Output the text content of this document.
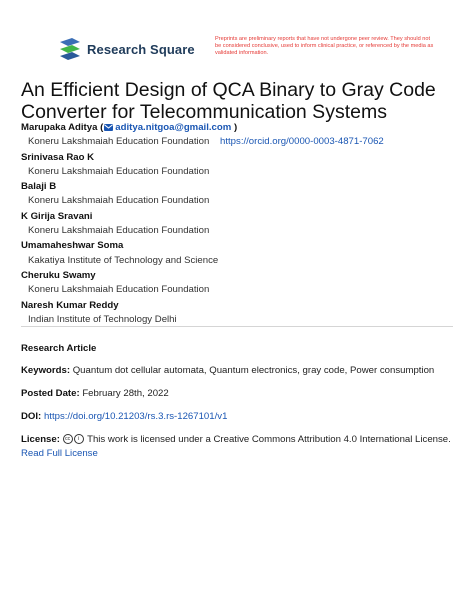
Research Square
Preprints are preliminary reports that have not undergone peer review. They should not be considered conclusive, used to inform clinical practice, or referenced by the media as validated information.
An Efficient Design of QCA Binary to Gray Code Converter for Telecommunication Systems
Marupaka Aditya ( aditya.nitgoa@gmail.com )
Koneru Lakshmaiah Education Foundation https://orcid.org/0000-0003-4871-7062
Srinivasa Rao K
Koneru Lakshmaiah Education Foundation
Balaji B
Koneru Lakshmaiah Education Foundation
K Girija Sravani
Koneru Lakshmaiah Education Foundation
Umamaheshwar Soma
Kakatiya Institute of Technology and Science
Cheruku Swamy
Koneru Lakshmaiah Education Foundation
Naresh Kumar Reddy
Indian Institute of Technology Delhi
Research Article
Keywords: Quantum dot cellular automata, Quantum electronics, gray code, Power consumption
Posted Date: February 28th, 2022
DOI: https://doi.org/10.21203/rs.3.rs-1267101/v1
License: cc i This work is licensed under a Creative Commons Attribution 4.0 International License.
Read Full License
